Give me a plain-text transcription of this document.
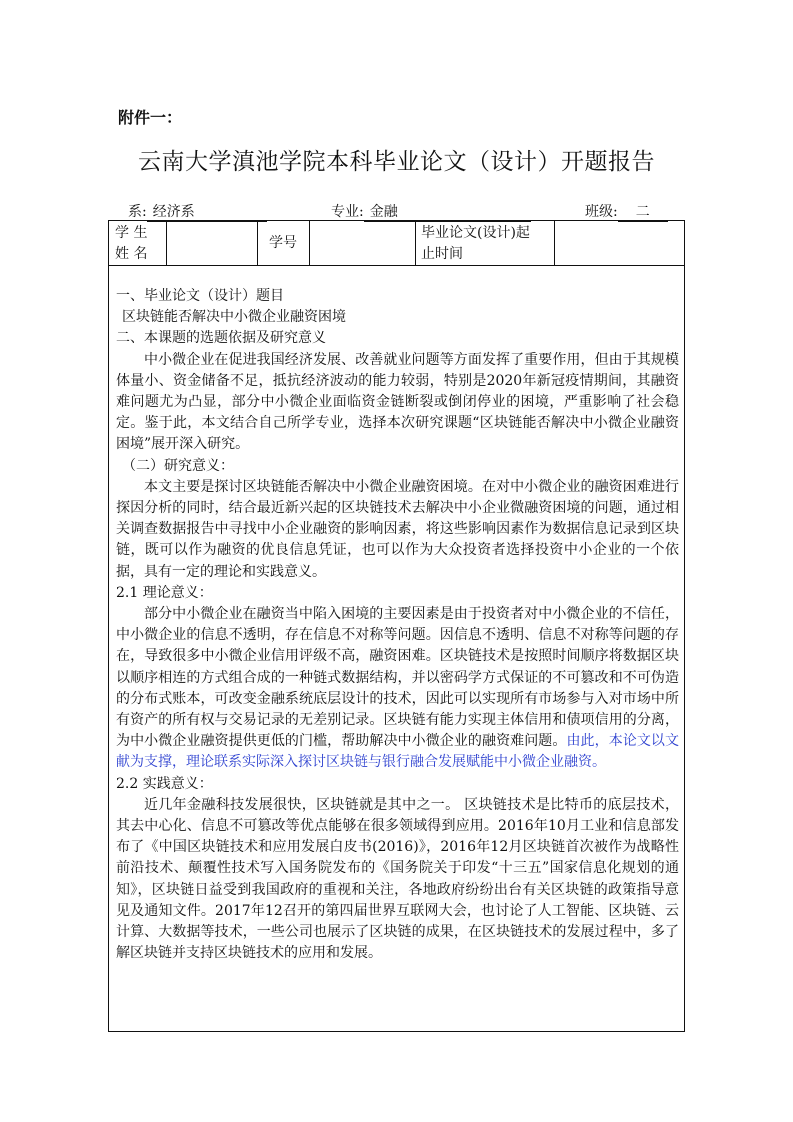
附件一：
云南大学滇池学院本科毕业论文（设计）开题报告
系: 经济系	专业: 金融	班级: 二
学 生
姓 名
学号
毕业论文(设计)起
止时间

一、毕业论文（设计）题目

区块链能否解决中小微企业融资困境

二、本课题的选题依据及研究意义

中小微企业在促进我国经济发展、改善就业问题等方面发挥了重要作用，但由于其规模体量小、资金储备不足，抵抗经济波动的能力较弱，特别是2020年新冠疫情期间，其融资难问题尤为凸显，部分中小微企业面临资金链断裂或倒闭停业的困境，严重影响了社会稳定。鉴于此，本文结合自己所学专业，选择本次研究课题“区块链能否解决中小微企业融资困境”展开深入研究。

（二）研究意义：

本文主要是探讨区块链能否解决中小微企业融资困境。在对中小微企业的融资困难进行探因分析的同时，结合最近新兴起的区块链技术去解决中小企业微融资困境的问题，通过相关调查数据报告中寻找中小企业融资的影响因素，将这些影响因素作为数据信息记录到区块链，既可以作为融资的优良信息凭证，也可以作为大众投资者选择投资中小企业的一个依据，具有一定的理论和实践意义。

2.1 理论意义：

部分中小微企业在融资当中陷入困境的主要因素是由于投资者对中小微企业的不信任，中小微企业的信息不透明，存在信息不对称等问题。因信息不透明、信息不对称等问题的存在，导致很多中小微企业信用评级不高，融资困难。区块链技术是按照时间顺序将数据区块以顺序相连的方式组合成的一种链式数据结构，并以密码学方式保证的不可篡改和不可伪造的分布式账本，可改变金融系统底层设计的技术，因此可以实现所有市场参与入对市场中所有资产的所有权与交易记录的无差别记录。区块链有能力实现主体信用和债项信用的分离，为中小微企业融资提供更低的门槛，帮助解决中小微企业的融资难问题。由此，本论文以文献为支撑，理论联系实际深入探讨区块链与银行融合发展赋能中小微企业融资。

2.2 实践意义：

近几年金融科技发展很快，区块链就是其中之一。 区块链技术是比特币的底层技术，其去中心化、信息不可篡改等优点能够在很多领域得到应用。2016年10月工业和信息部发布了《中国区块链技术和应用发展白皮书(2016)》，2016年12月区块链首次被作为战略性前沿技术、颠覆性技术写入国务院发布的《国务院关于印发“十三五”国家信息化规划的通知》，区块链日益受到我国政府的重视和关注，各地政府纷纷出台有关区块链的政策指导意见及通知文件。2017年12召开的第四届世界互联网大会，也讨论了人工智能、区块链、云计算、大数据等技术，一些公司也展示了区块链的成果，在区块链技术的发展过程中，多了解区块链并支持区块链技术的应用和发展。
